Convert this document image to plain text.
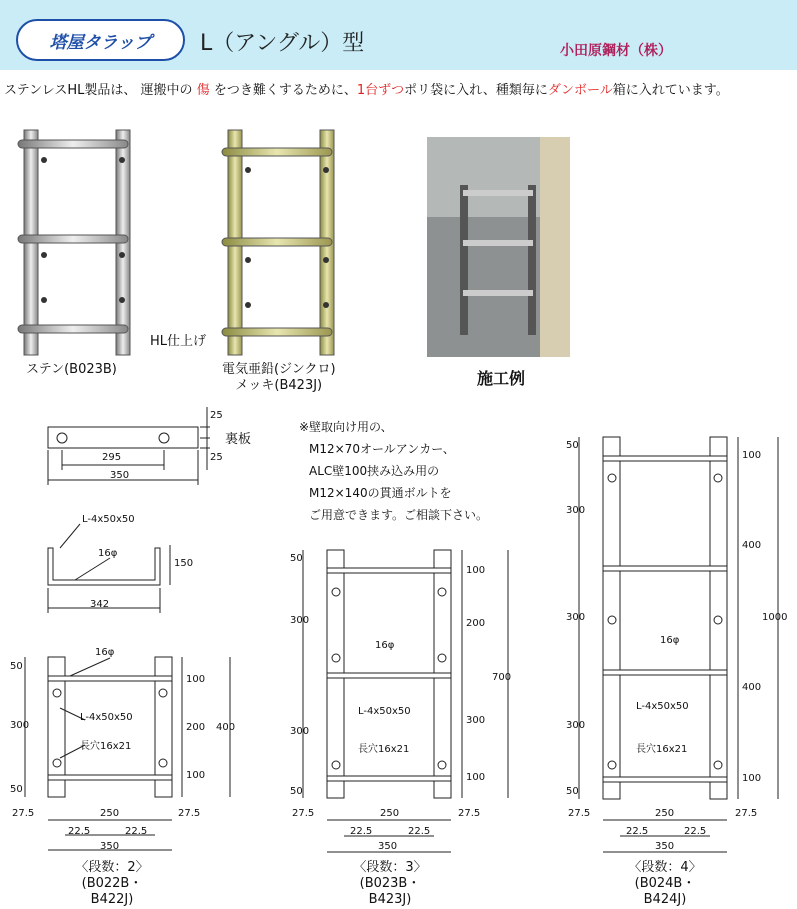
塔屋タラップ L（アングル）型	小田原鋼材（株）
ステンレスHL製品は、 運搬中の 傷 をつき難くするために、1台ずつポリ袋に入れ、種類毎にダンボール箱に入れています。
ステン(B023B)
HL仕上げ
電気亜鉛(ジンクロ)
メッキ(B423J)	施工例
※壁取向け用の、
M12×70オールアンカー、
ALC壁100挟み込み用の
M12×140の貫通ボルトを
ご用意できます。ご相談下さい。
裏板
25
25
295
350
L-4x50x50
16φ
150
342
16φ
50
300
50
100
200
100
400
L-4x50x50
長穴16x21
27.5	27.5
250
22.5	22.5
350
〈段数：2〉
(B022B・B422J)
16φ
50
300
300
50
100
200
300
100
700
L-4x50x50
長穴16x21
27.5	27.5
250
22.5	22.5
350
〈段数：3〉
(B023B・B423J)
16φ
50
300
300
300
50
100
400
400
100
1000
L-4x50x50
長穴16x21
27.5	27.5
250
22.5	22.5
350
〈段数：4〉
(B024B・B424J)
